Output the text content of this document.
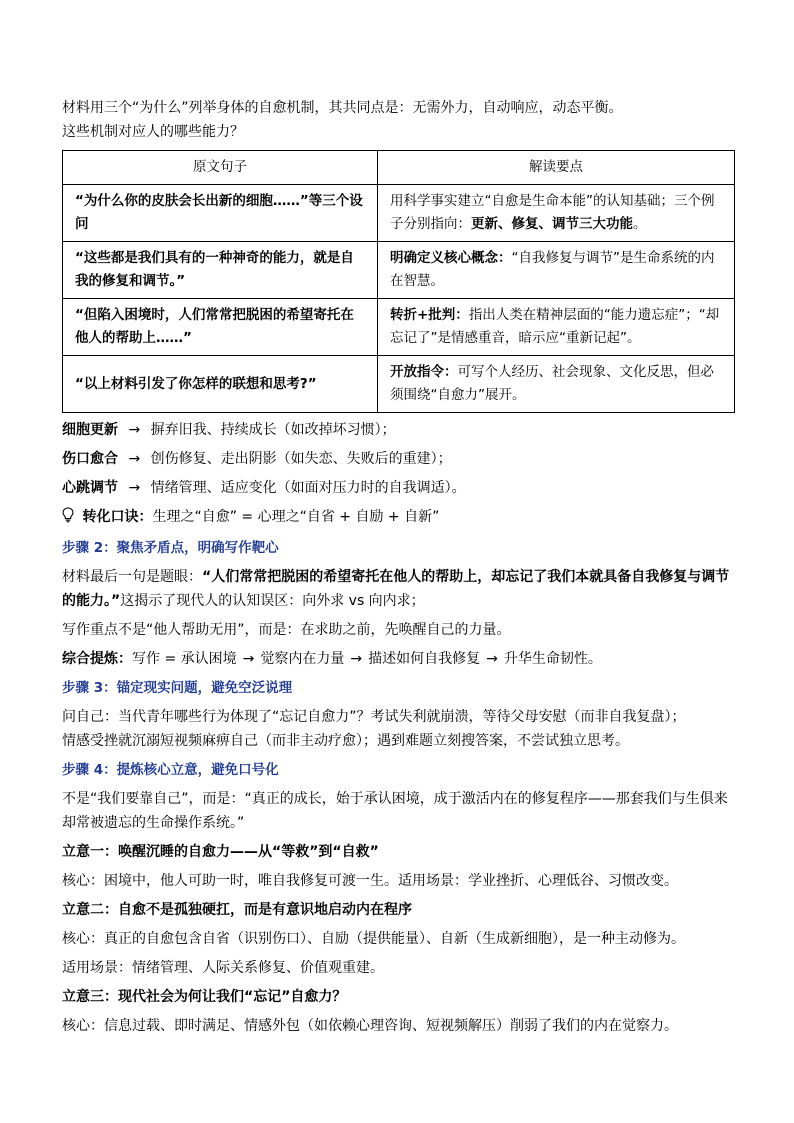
材料用三个“为什么”列举身体的自愈机制，其共同点是：无需外力，自动响应，动态平衡。
这些机制对应人的哪些能力？
原文句子	解读要点
“为什么你的皮肤会长出新的细胞……”等三个设问	用科学事实建立“自愈是生命本能”的认知基础；三个例子分别指向：更新、修复、调节三大功能。
“这些都是我们具有的一种神奇的能力，就是自我的修复和调节。”	明确定义核心概念：“自我修复与调节”是生命系统的内在智慧。
“但陷入困境时，人们常常把脱困的希望寄托在他人的帮助上……”	转折+批判：指出人类在精神层面的“能力遗忘症”；“却忘记了”是情感重音，暗示应“重新记起”。
“以上材料引发了你怎样的联想和思考?”	开放指令：可写个人经历、社会现象、文化反思，但必须围绕“自愈力”展开。
细胞更新 → 摒弃旧我、持续成长（如改掉坏习惯）；
伤口愈合 → 创伤修复、走出阴影（如失恋、失败后的重建）；
心跳调节 → 情绪管理、适应变化（如面对压力时的自我调适）。
转化口诀：生理之“自愈” = 心理之“自省 + 自励 + 自新”
步骤 2：聚焦矛盾点，明确写作靶心
材料最后一句是题眼：“人们常常把脱困的希望寄托在他人的帮助上，却忘记了我们本就具备自我修复与调节的能力。”这揭示了现代人的认知误区：向外求 vs 向内求；
写作重点不是“他人帮助无用”，而是：在求助之前，先唤醒自己的力量。
综合提炼：写作 = 承认困境 → 觉察内在力量 → 描述如何自我修复 → 升华生命韧性。
步骤 3：锚定现实问题，避免空泛说理
问自己：当代青年哪些行为体现了“忘记自愈力”？考试失利就崩溃，等待父母安慰（而非自我复盘）；
情感受挫就沉溺短视频麻痹自己（而非主动疗愈）；遇到难题立刻搜答案，不尝试独立思考。
步骤 4：提炼核心立意，避免口号化
不是“我们要靠自己”，而是：“真正的成长，始于承认困境，成于激活内在的修复程序——那套我们与生俱来却常被遗忘的生命操作系统。”
立意一：唤醒沉睡的自愈力——从“等救”到“自救”
核心：困境中，他人可助一时，唯自我修复可渡一生。适用场景：学业挫折、心理低谷、习惯改变。
立意二：自愈不是孤独硬扛，而是有意识地启动内在程序
核心：真正的自愈包含自省（识别伤口）、自励（提供能量）、自新（生成新细胞），是一种主动修为。
适用场景：情绪管理、人际关系修复、价值观重建。
立意三：现代社会为何让我们“忘记”自愈力？
核心：信息过载、即时满足、情感外包（如依赖心理咨询、短视频解压）削弱了我们的内在觉察力。
